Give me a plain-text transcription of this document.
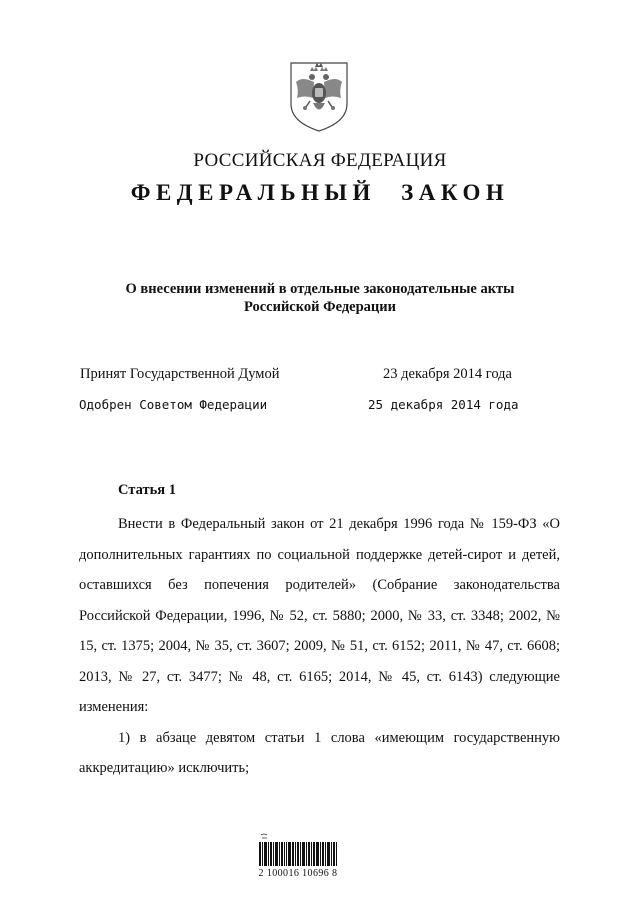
РОССИЙСКАЯ ФЕДЕРАЦИЯ
ФЕДЕРАЛЬНЫЙ ЗАКОН
О внесении изменений в отдельные законодательные акты
Российской Федерации
Принят Государственной Думой	23 декабря 2014 года
Одобрен Советом Федерации	25 декабря 2014 года
Статья 1

Внести в Федеральный закон от 21 декабря 1996 года № 159-ФЗ «О дополнительных гарантиях по социальной поддержке детей-сирот и детей, оставшихся без попечения родителей» (Собрание законодательства Российской Федерации, 1996, № 52, ст. 5880; 2000, № 33, ст. 3348; 2002, № 15, ст. 1375; 2004, № 35, ст. 3607; 2009, № 51, ст. 6152; 2011, № 47, ст. 6608; 2013, № 27, ст. 3477; № 48, ст. 6165; 2014, № 45, ст. 6143) следующие изменения:

1) в абзаце девятом статьи 1 слова «имеющим государственную аккредитацию» исключить;

2 100016 10696 8
